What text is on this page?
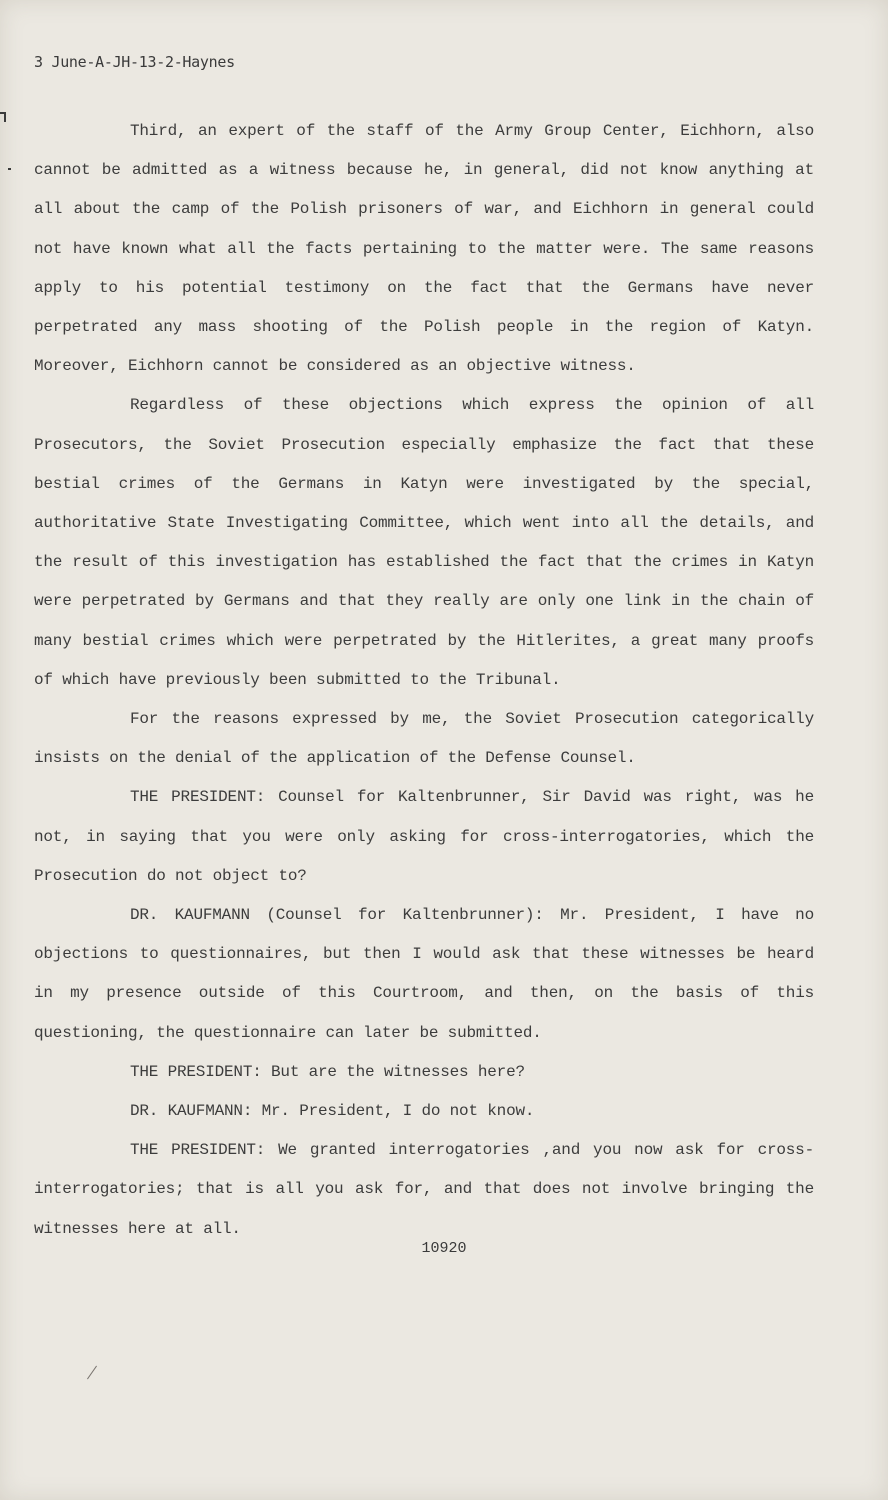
3 June-A-JH-13-2-Haynes

Third, an expert of the staff of the Army Group Center, Eichhorn, also cannot be admitted as a witness because he, in general, did not know anything at all about the camp of the Polish prisoners of war, and Eichhorn in general could not have known what all the facts pertaining to the matter were. The same reasons apply to his potential testimony on the fact that the Germans have never perpetrated any mass shooting of the Polish people in the region of Katyn. Moreover, Eichhorn cannot be considered as an objective witness.

Regardless of these objections which express the opinion of all Prosecutors, the Soviet Prosecution especially emphasize the fact that these bestial crimes of the Germans in Katyn were investigated by the special, authoritative State Investigating Committee, which went into all the details, and the result of this investigation has established the fact that the crimes in Katyn were perpetrated by Germans and that they really are only one link in the chain of many bestial crimes which were perpetrated by the Hitlerites, a great many proofs of which have previously been submitted to the Tribunal.

For the reasons expressed by me, the Soviet Prosecution categorically insists on the denial of the application of the Defense Counsel.

THE PRESIDENT: Counsel for Kaltenbrunner, Sir David was right, was he not, in saying that you were only asking for cross-interrogatories, which the Prosecution do not object to?

DR. KAUFMANN (Counsel for Kaltenbrunner): Mr. President, I have no objections to questionnaires, but then I would ask that these witnesses be heard in my presence outside of this Courtroom, and then, on the basis of this questioning, the questionnaire can later be submitted.

THE PRESIDENT: But are the witnesses here?

DR. KAUFMANN: Mr. President, I do not know.

THE PRESIDENT: We granted interrogatories ,and you now ask for cross-interrogatories; that is all you ask for, and that does not involve bringing the witnesses here at all.

10920
